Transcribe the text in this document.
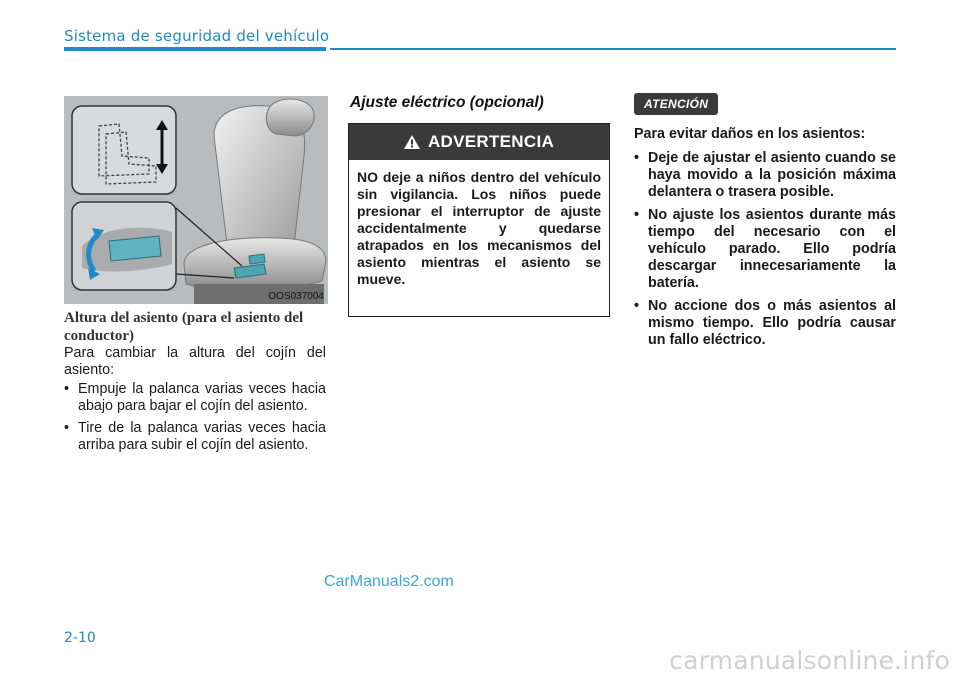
Sistema de seguridad del vehículo
OOS037004
Altura del asiento (para el asiento del conductor)

Para cambiar la altura del cojín del asiento:

• Empuje la palanca varias veces hacia abajo para bajar el cojín del asiento.
• Tire de la palanca varias veces hacia arriba para subir el cojín del asiento.
Ajuste eléctrico (opcional)
ADVERTENCIA
NO deje a niños dentro del vehículo sin vigilancia. Los niños puede presionar el interruptor de ajuste accidentalmente y quedarse atrapados en los mecanismos del asiento mientras el asiento se mueve.
ATENCIÓN

Para evitar daños en los asientos:

• Deje de ajustar el asiento cuando se haya movido a la posición máxima delantera o trasera posible.
• No ajuste los asientos durante más tiempo del necesario con el vehículo parado. Ello podría descargar innecesariamente la batería.
• No accione dos o más asientos al mismo tiempo. Ello podría causar un fallo eléctrico.
CarManuals2.com
2-10
carmanualsonline.info
